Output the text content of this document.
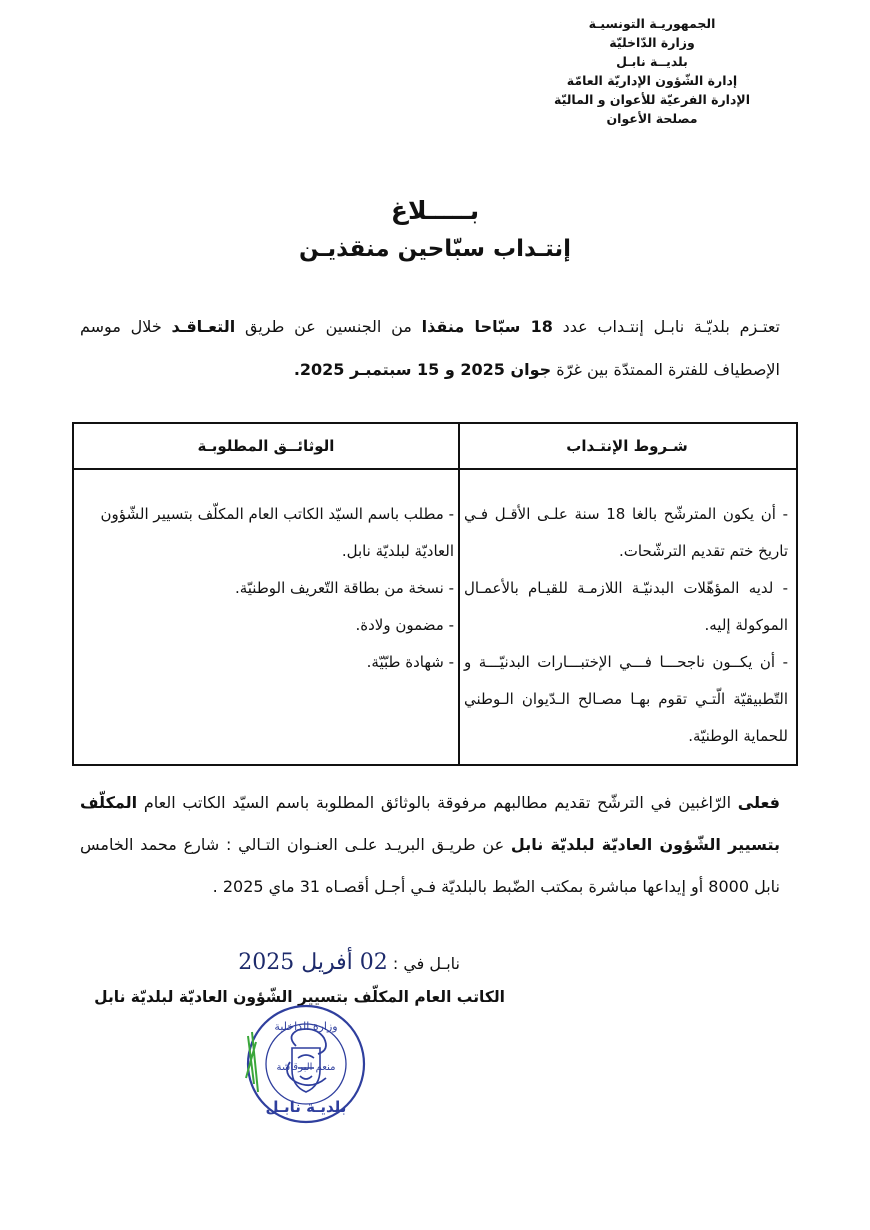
الجمهوريـة التونسيـة
وزارة الدّاخليّة
بلديــة نابـل
إدارة الشّؤون الإداريّة العامّة
الإدارة الفرعيّة للأعوان و الماليّة
مصلحة الأعوان
بـــــلاغ
إنتـداب سبّاحين منقذيـن
تعتـزم بلديّـة نابـل إنتـداب عدد 18 سبّاحا منقذا من الجنسين عن طريق التعـاقـد خلال موسم الإصطياف للفترة الممتدّة بين غرّة جوان 2025 و 15 سبتمبـر 2025.
شـروط الإنتـداب
الوثائــق المطلوبـة

- أن يكون المترشّح بالغا 18 سنة علـى الأقـل فـي تاريخ ختم تقديم الترشّحات.

- لديه المؤهّلات البدنيّـة اللازمـة للقيـام بالأعمـال الموكولة إليه.

- أن يكــون ناجحـــا فـــي الإختبـــارات البدنيّـــة و التّطبيقيّة الّتـي تقوم بهـا مصـالح الـدّيوان الـوطني للحماية الوطنيّة.

- مطلب باسم السيّد الكاتب العام المكلّف بتسيير الشّؤون العاديّة لبلديّة نابل.

- نسخة من بطاقة التّعريف الوطنيّة.

- مضمون ولادة.

- شهادة طبّيّة.

فعلى الرّاغبين في الترشّح تقديم مطالبهم مرفوقة بالوثائق المطلوبة باسم السيّد الكاتب العام المكلّف بتسيير الشّؤون العاديّة لبلديّة نابل عن طريـق البريـد علـى العنـوان التـالي : شارع محمد الخامس نابل 8000 أو إيداعها مباشرة بمكتب الضّبط بالبلديّة فـي أجـل أقصـاه 31 ماي 2025 .
نابـل في : 02 أفريل 2025
الكاتب العام المكلّف بتسيير الشّؤون العاديّة لبلديّة نابل
وزارة الداخلية
منعم البرقاشة
بلديـة نابـل
